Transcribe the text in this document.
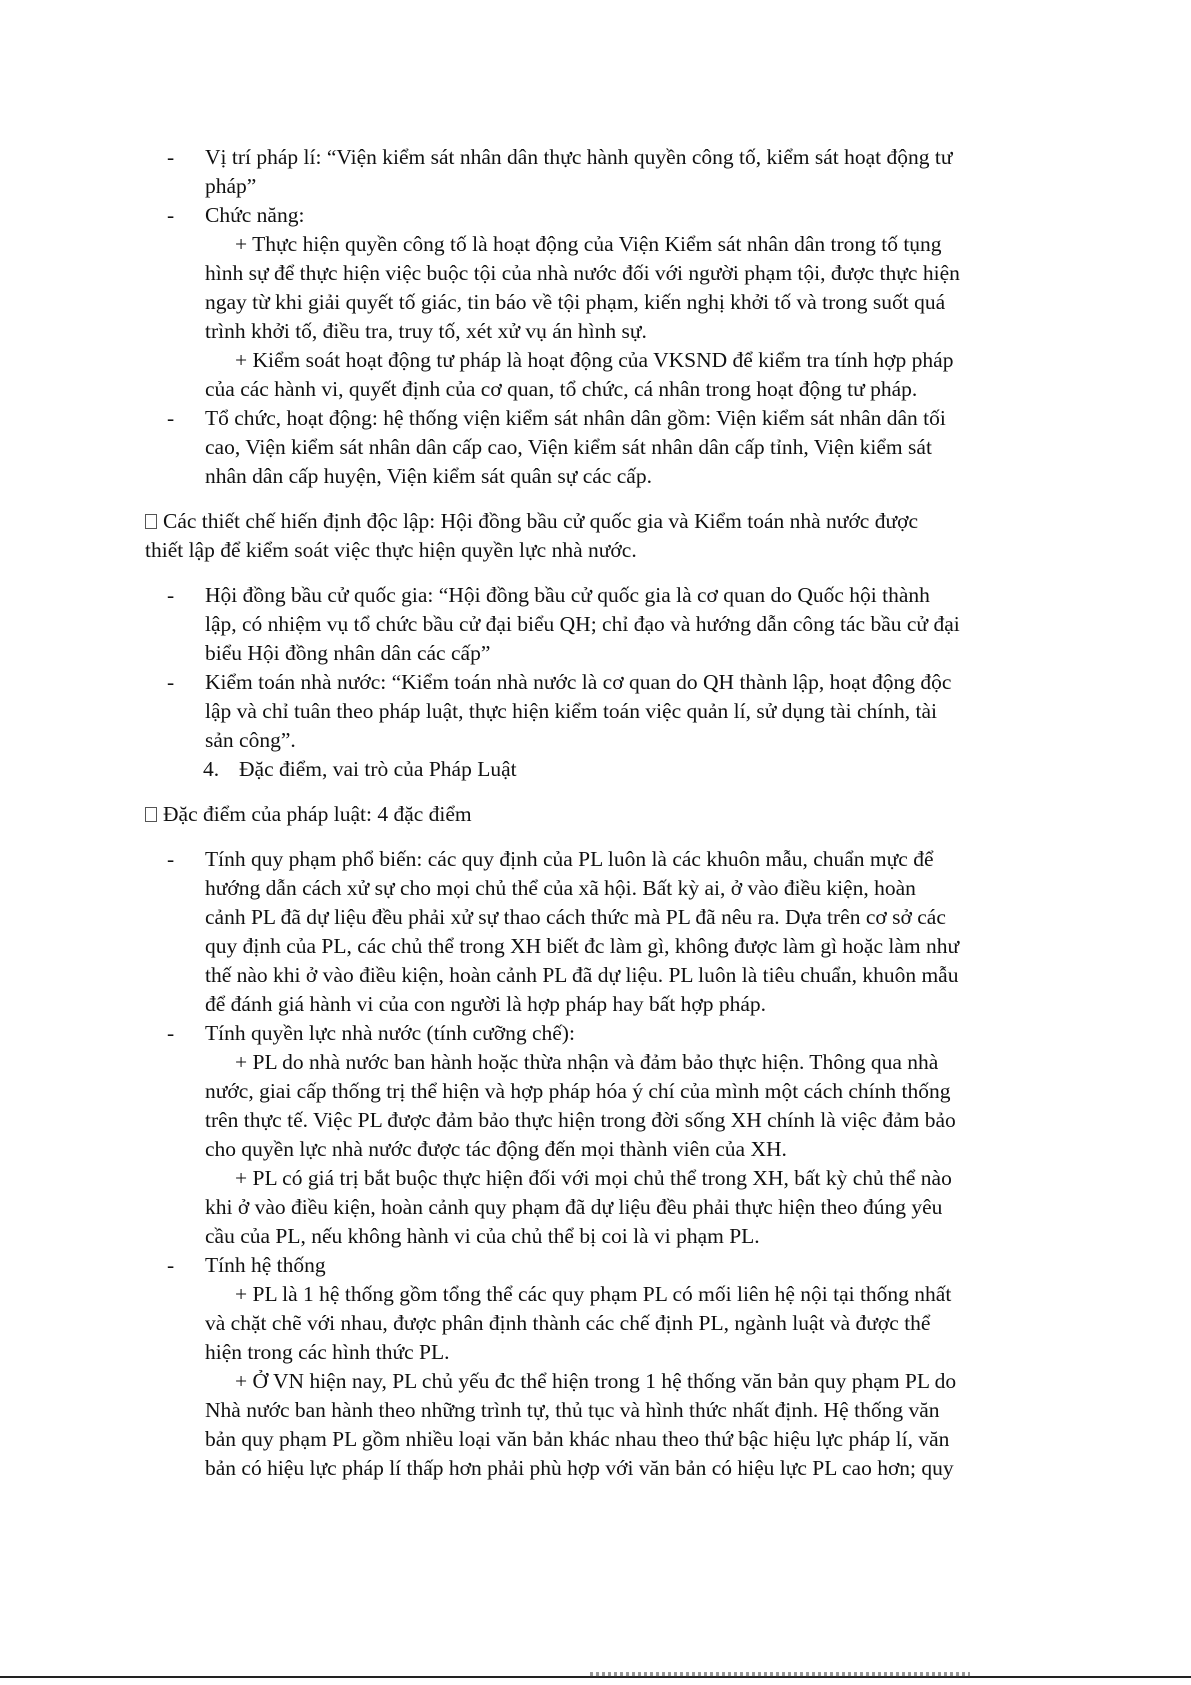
- Vị trí pháp lí: “Viện kiểm sát nhân dân thực hành quyền công tố, kiểm sát hoạt động tư
pháp”
- Chức năng:
+ Thực hiện quyền công tố là hoạt động của Viện Kiểm sát nhân dân trong tố tụng
hình sự để thực hiện việc buộc tội của nhà nước đối với người phạm tội, được thực hiện
ngay từ khi giải quyết tố giác, tin báo về tội phạm, kiến nghị khởi tố và trong suốt quá
trình khởi tố, điều tra, truy tố, xét xử vụ án hình sự.
+ Kiểm soát hoạt động tư pháp là hoạt động của VKSND để kiểm tra tính hợp pháp
của các hành vi, quyết định của cơ quan, tổ chức, cá nhân trong hoạt động tư pháp.
- Tổ chức, hoạt động: hệ thống viện kiểm sát nhân dân gồm: Viện kiểm sát nhân dân tối
cao, Viện kiểm sát nhân dân cấp cao, Viện kiểm sát nhân dân cấp tỉnh, Viện kiểm sát
nhân dân cấp huyện, Viện kiểm sát quân sự các cấp.
Các thiết chế hiến định độc lập: Hội đồng bầu cử quốc gia và Kiểm toán nhà nước được
thiết lập để kiểm soát việc thực hiện quyền lực nhà nước.
- Hội đồng bầu cử quốc gia: “Hội đồng bầu cử quốc gia là cơ quan do Quốc hội thành
lập, có nhiệm vụ tổ chức bầu cử đại biểu QH; chỉ đạo và hướng dẫn công tác bầu cử đại
biểu Hội đồng nhân dân các cấp”
- Kiểm toán nhà nước: “Kiểm toán nhà nước là cơ quan do QH thành lập, hoạt động độc
lập và chỉ tuân theo pháp luật, thực hiện kiểm toán việc quản lí, sử dụng tài chính, tài
sản công”.
4. Đặc điểm, vai trò của Pháp Luật
Đặc điểm của pháp luật: 4 đặc điểm
- Tính quy phạm phổ biến: các quy định của PL luôn là các khuôn mẫu, chuẩn mực để
hướng dẫn cách xử sự cho mọi chủ thể của xã hội. Bất kỳ ai, ở vào điều kiện, hoàn
cảnh PL đã dự liệu đều phải xử sự thao cách thức mà PL đã nêu ra. Dựa trên cơ sở các
quy định của PL, các chủ thể trong XH biết đc làm gì, không được làm gì hoặc làm như
thế nào khi ở vào điều kiện, hoàn cảnh PL đã dự liệu. PL luôn là tiêu chuẩn, khuôn mẫu
để đánh giá hành vi của con người là hợp pháp hay bất hợp pháp.
- Tính quyền lực nhà nước (tính cưỡng chế):
+ PL do nhà nước ban hành hoặc thừa nhận và đảm bảo thực hiện. Thông qua nhà
nước, giai cấp thống trị thể hiện và hợp pháp hóa ý chí của mình một cách chính thống
trên thực tế. Việc PL được đảm bảo thực hiện trong đời sống XH chính là việc đảm bảo
cho quyền lực nhà nước được tác động đến mọi thành viên của XH.
+ PL có giá trị bắt buộc thực hiện đối với mọi chủ thể trong XH, bất kỳ chủ thể nào
khi ở vào điều kiện, hoàn cảnh quy phạm đã dự liệu đều phải thực hiện theo đúng yêu
cầu của PL, nếu không hành vi của chủ thể bị coi là vi phạm PL.
- Tính hệ thống
+ PL là 1 hệ thống gồm tổng thể các quy phạm PL có mối liên hệ nội tại thống nhất
và chặt chẽ với nhau, được phân định thành các chế định PL, ngành luật và được thể
hiện trong các hình thức PL.
+ Ở VN hiện nay, PL chủ yếu đc thể hiện trong 1 hệ thống văn bản quy phạm PL do
Nhà nước ban hành theo những trình tự, thủ tục và hình thức nhất định. Hệ thống văn
bản quy phạm PL gồm nhiều loại văn bản khác nhau theo thứ bậc hiệu lực pháp lí, văn
bản có hiệu lực pháp lí thấp hơn phải phù hợp với văn bản có hiệu lực PL cao hơn; quy
